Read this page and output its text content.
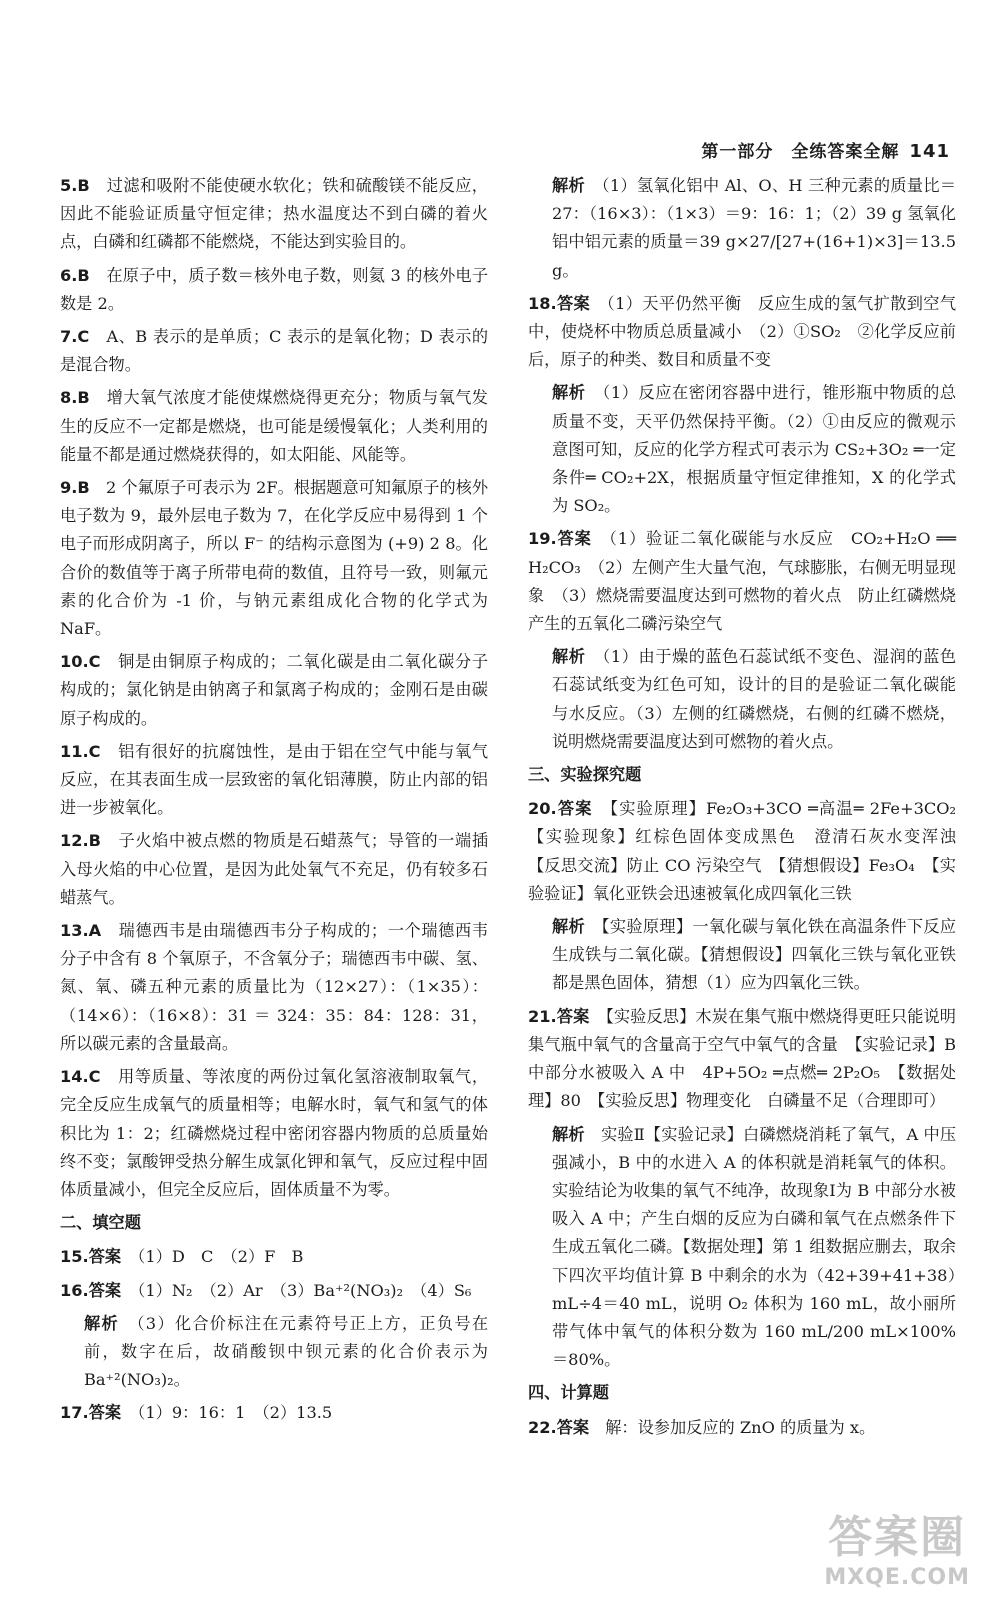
第一部分　全练答案全解 141
5.B　 过滤和吸附不能使硬水软化；铁和硫酸镁不能反应，因此不能验证质量守恒定律；热水温度达不到白磷的着火点，白磷和红磷都不能燃烧，不能达到实验目的。
6.B　 在原子中，质子数＝核外电子数，则氦 3 的核外电子数是 2。
7.C　 A、B 表示的是单质；C 表示的是氧化物；D 表示的是混合物。
8.B　 增大氧气浓度才能使煤燃烧得更充分；物质与氧气发生的反应不一定都是燃烧，也可能是缓慢氧化；人类利用的能量不都是通过燃烧获得的，如太阳能、风能等。
9.B　 2 个氟原子可表示为 2F。根据题意可知氟原子的核外电子数为 9，最外层电子数为 7，在化学反应中易得到 1 个电子而形成阴离子，所以 F⁻ 的结构示意图为 (+9) 2 8。化合价的数值等于离子所带电荷的数值，且符号一致，则氟元素的化合价为 -1 价，与钠元素组成化合物的化学式为 NaF。
10.C　 铜是由铜原子构成的；二氧化碳是由二氧化碳分子构成的；氯化钠是由钠离子和氯离子构成的；金刚石是由碳原子构成的。
11.C　 铝有很好的抗腐蚀性，是由于铝在空气中能与氧气反应，在其表面生成一层致密的氧化铝薄膜，防止内部的铝进一步被氧化。
12.B　 子火焰中被点燃的物质是石蜡蒸气；导管的一端插入母火焰的中心位置，是因为此处氧气不充足，仍有较多石蜡蒸气。
13.A　 瑞德西韦是由瑞德西韦分子构成的；一个瑞德西韦分子中含有 8 个氧原子，不含氧分子；瑞德西韦中碳、氢、氮、氧、磷五种元素的质量比为（12×27）：（1×35）：（14×6）：（16×8）：31 ＝ 324：35：84：128：31，所以碳元素的含量最高。
14.C　 用等质量、等浓度的两份过氧化氢溶液制取氧气，完全反应生成氧气的质量相等；电解水时，氧气和氢气的体积比为 1：2；红磷燃烧过程中密闭容器内物质的总质量始终不变；氯酸钾受热分解生成氯化钾和氧气，反应过程中固体质量减小，但完全反应后，固体质量不为零。
二、填空题
15.答案　 （1）D　C　（2）F　B
16.答案　 （1）N₂　（2）Ar　（3）Ba⁺²(NO₃)₂　（4）S₆
解析　 （3）化合价标注在元素符号正上方，正负号在前，数字在后，故硝酸钡中钡元素的化合价表示为 Ba⁺²(NO₃)₂。
17.答案　 （1）9：16：1　（2）13.5
解析　 （1）氢氧化铝中 Al、O、H 三种元素的质量比＝27：（16×3）：（1×3）＝9：16：1；（2）39 g 氢氧化铝中铝元素的质量＝39 g×27/[27+(16+1)×3]＝13.5 g。
18.答案　 （1）天平仍然平衡　反应生成的氢气扩散到空气中，使烧杯中物质总质量减小　（2）①SO₂　②化学反应前后，原子的种类、数目和质量不变
解析　 （1）反应在密闭容器中进行，锥形瓶中物质的总质量不变，天平仍然保持平衡。（2）①由反应的微观示意图可知，反应的化学方程式可表示为 CS₂+3O₂ ═一定条件═ CO₂+2X，根据质量守恒定律推知，X 的化学式为 SO₂。
19.答案　 （1）验证二氧化碳能与水反应　CO₂+H₂O ══ H₂CO₃　（2）左侧产生大量气泡，气球膨胀，右侧无明显现象　（3）燃烧需要温度达到可燃物的着火点　防止红磷燃烧产生的五氧化二磷污染空气
解析　 （1）由于燥的蓝色石蕊试纸不变色、湿润的蓝色石蕊试纸变为红色可知，设计的目的是验证二氧化碳能与水反应。（3）左侧的红磷燃烧，右侧的红磷不燃烧，说明燃烧需要温度达到可燃物的着火点。
三、实验探究题
20.答案　 【实验原理】Fe₂O₃+3CO ═高温═ 2Fe+3CO₂　【实验现象】红棕色固体变成黑色　澄清石灰水变浑浊　【反思交流】防止 CO 污染空气　【猜想假设】Fe₃O₄　【实验验证】氧化亚铁会迅速被氧化成四氧化三铁
解析　 【实验原理】一氧化碳与氧化铁在高温条件下反应生成铁与二氧化碳。【猜想假设】四氧化三铁与氧化亚铁都是黑色固体，猜想（1）应为四氧化三铁。
21.答案　 【实验反思】木炭在集气瓶中燃烧得更旺只能说明集气瓶中氧气的含量高于空气中氧气的含量　【实验记录】B 中部分水被吸入 A 中　4P+5O₂ ═点燃═ 2P₂O₅　【数据处理】80　【实验反思】物理变化　白磷量不足（合理即可）
解析　 实验Ⅱ【实验记录】白磷燃烧消耗了氧气，A 中压强减小，B 中的水进入 A 的体积就是消耗氧气的体积。实验结论为收集的氧气不纯净，故现象Ⅰ为 B 中部分水被吸入 A 中；产生白烟的反应为白磷和氧气在点燃条件下生成五氧化二磷。【数据处理】第 1 组数据应删去，取余下四次平均值计算 B 中剩余的水为（42+39+41+38）mL÷4＝40 mL，说明 O₂ 体积为 160 mL，故小丽所带气体中氧气的体积分数为 160 mL/200 mL×100%＝80%。
四、计算题
22.答案　 解：设参加反应的 ZnO 的质量为 x。
答案圈
MXQE.COM
